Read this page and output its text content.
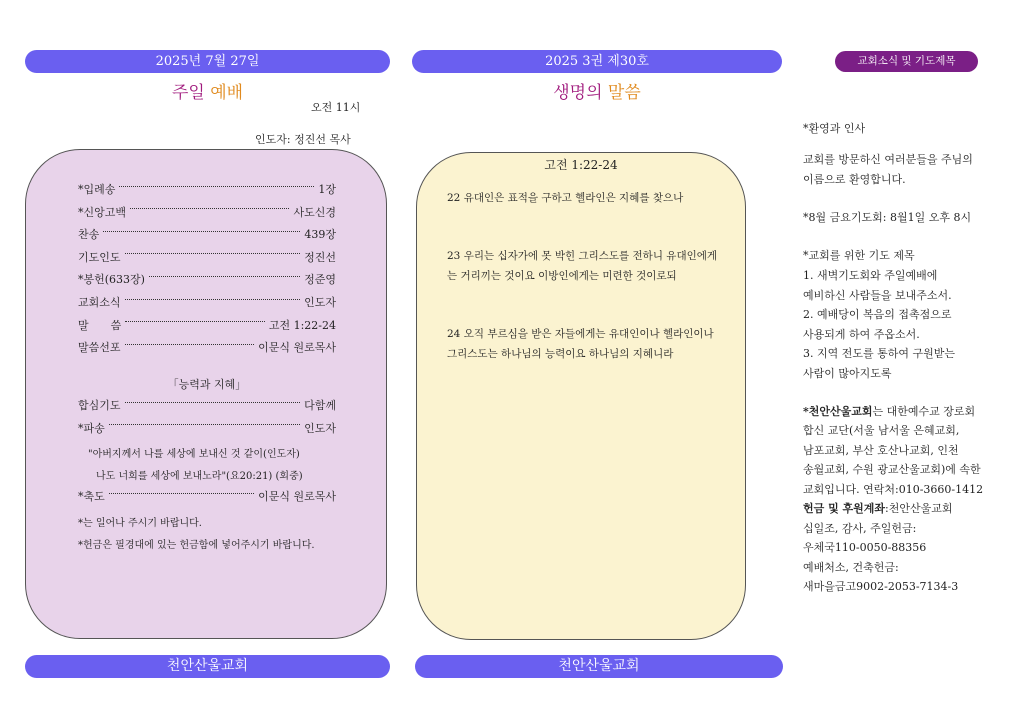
2025년 7월 27일
주일 예배
오전 11시
인도자: 정진선 목사
*입례송	1장
*신앙고백	사도신경
찬송	439장
기도인도	정진선
*봉헌(633장)	정준영
교회소식	인도자
말　　씀	고전 1:22-24
말씀선포	이문식 원로목사
합심기도	다함께
*파송	인도자
*축도	이문식 원로목사
「능력과 지혜」
"아버지께서 나를 세상에 보내신 것 같이(인도자)
나도 너희를 세상에 보내노라"(요20:21) (회중)
*는 일어나 주시기 바랍니다.
*헌금은 필경대에 있는 헌금함에 넣어주시기 바랍니다.
천안산울교회
2025 3권 제30호
생명의 말씀
고전 1:22-24
22 유대인은 표적을 구하고 헬라인은 지혜를 찾으나
23 우리는 십자가에 못 박힌 그리스도를 전하니 유대인에게는 거리끼는 것이요 이방인에게는 미련한 것이로되
24 오직 부르심을 받은 자들에게는 유대인이나 헬라인이나 그리스도는 하나님의 능력이요 하나님의 지혜니라
천안산울교회
교회소식 및 기도제목
*환영과 인사
교회를 방문하신 여러분들을 주님의
이름으로 환영합니다.
*8월 금요기도회: 8월1일 오후 8시
*교회를 위한 기도 제목
1. 새벽기도회와 주일예배에
예비하신 사람들을 보내주소서.
2. 예배당이 복음의 접촉점으로
사용되게 하여 주옵소서.
3. 지역 전도를 통하여 구원받는
사람이 많아지도록
*천안산울교회는 대한예수교 장로회
합신 교단(서울 남서울 은혜교회,
남포교회, 부산 호산나교회, 인천
송월교회, 수원 광교산울교회)에 속한
교회입니다. 연락처:010-3660-1412
헌금 및 후원계좌:천안산울교회
십일조, 감사, 주일헌금:
우체국110-0050-88356
예배처소, 건축헌금:
새마을금고9002-2053-7134-3
